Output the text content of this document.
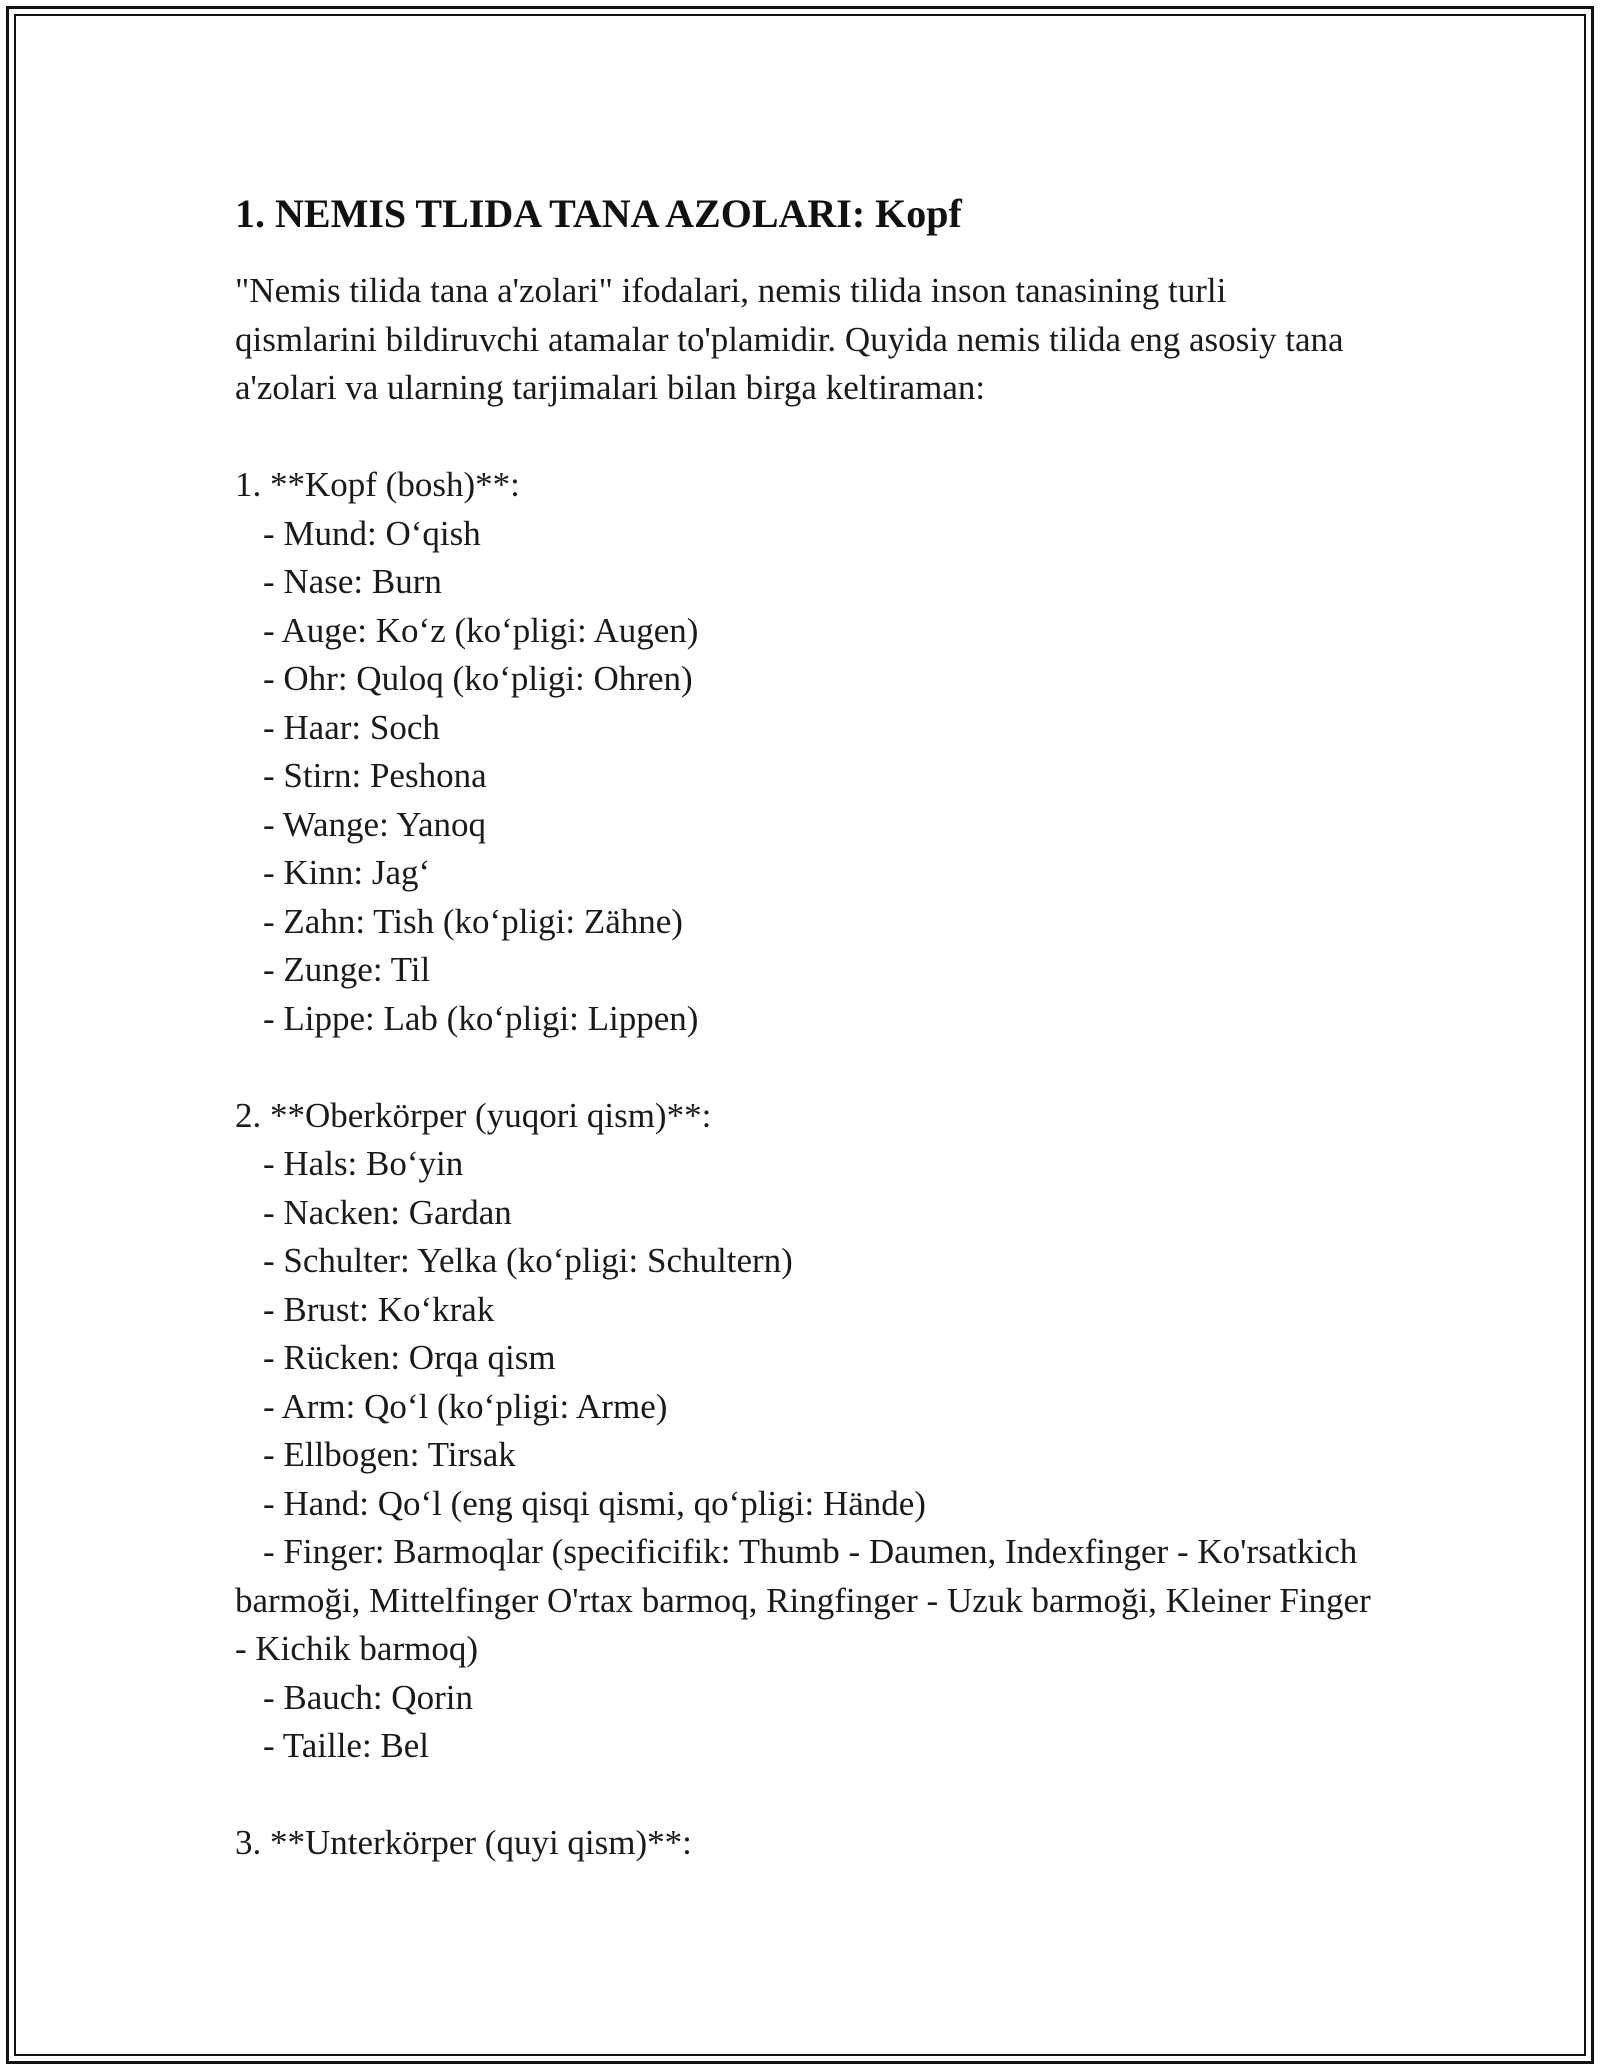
1. NEMIS TLIDA TANA AZOLARI: Kopf

"Nemis tilida tana a'zolari" ifodalari, nemis tilida inson tanasining turli qismlarini bildiruvchi atamalar to'plamidir. Quyida nemis tilida eng asosiy tana a'zolari va ularning tarjimalari bilan birga keltiraman:

1. **Kopf (bosh)**:

- Mund: O‘qish

- Nase: Burn

- Auge: Ko‘z (ko‘pligi: Augen)

- Ohr: Quloq (ko‘pligi: Ohren)

- Haar: Soch

- Stirn: Peshona

- Wange: Yanoq

- Kinn: Jag‘

- Zahn: Tish (ko‘pligi: Zähne)

- Zunge: Til

- Lippe: Lab (ko‘pligi: Lippen)

2. **Oberkörper (yuqori qism)**:

- Hals: Bo‘yin

- Nacken: Gardan

- Schulter: Yelka (ko‘pligi: Schultern)

- Brust: Ko‘krak

- Rücken: Orqa qism

- Arm: Qo‘l (ko‘pligi: Arme)

- Ellbogen: Tirsak

- Hand: Qo‘l (eng qisqi qismi, qo‘pligi: Hände)

- Finger: Barmoqlar (specificifik: Thumb - Daumen, Indexfinger - Ko'rsatkich barmoği, Mittelfinger O'rtax barmoq, Ringfinger - Uzuk barmoği, Kleiner Finger - Kichik barmoq)

- Bauch: Qorin

- Taille: Bel

3. **Unterkörper (quyi qism)**:
